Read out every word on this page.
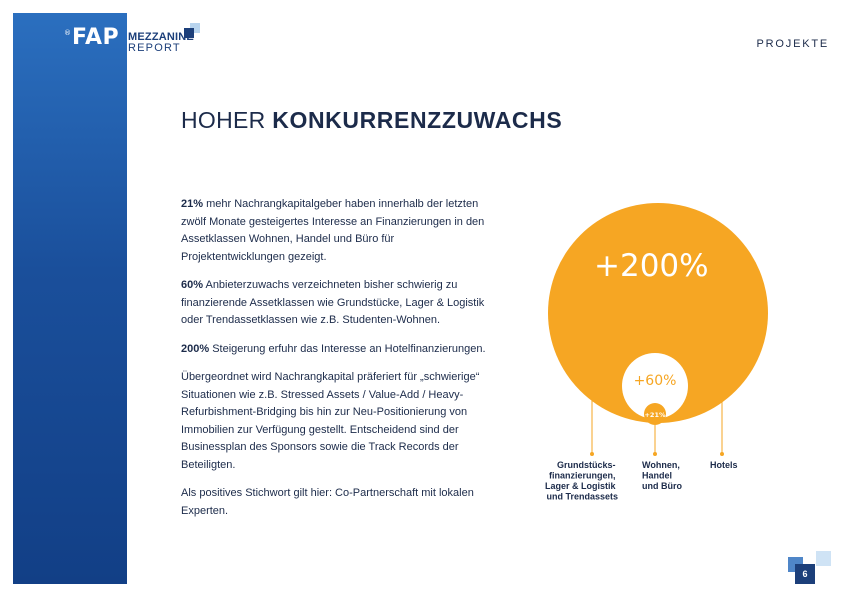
® FAP MEZZANINE
REPORT	PROJEKTE
HOHER KONKURRENZZUWACHS

21% mehr Nachrangkapitalgeber haben innerhalb der letzten zwölf Monate gesteigertes Interesse an Finanzierungen in den Assetklassen Wohnen, Handel und Büro für Projektentwicklungen gezeigt.

60% Anbieterzuwachs verzeichneten bisher schwierig zu finanzierende Assetklassen wie Grundstücke, Lager & Logistik oder Trendassetklassen wie z.B. Studenten-Wohnen.

200% Steigerung erfuhr das Interesse an Hotelfinanzierungen.

Übergeordnet wird Nachrangkapital präferiert für „schwierige“ Situationen wie z.B. Stressed Assets / Value-Add / Heavy-Refurbishment-Bridging bis hin zur Neu-Positionierung von Immobilien zur Verfügung gestellt. Entscheidend sind der Businessplan des Sponsors sowie die Track Records der Beteiligten.

Als positives Stichwort gilt hier: Co-Partnerschaft mit lokalen Experten.

+200%
+60%
+21%
Grundstücks- finanzierungen, Lager & Logistik und Trendassets
Wohnen, Handel und Büro
Hotels
6
